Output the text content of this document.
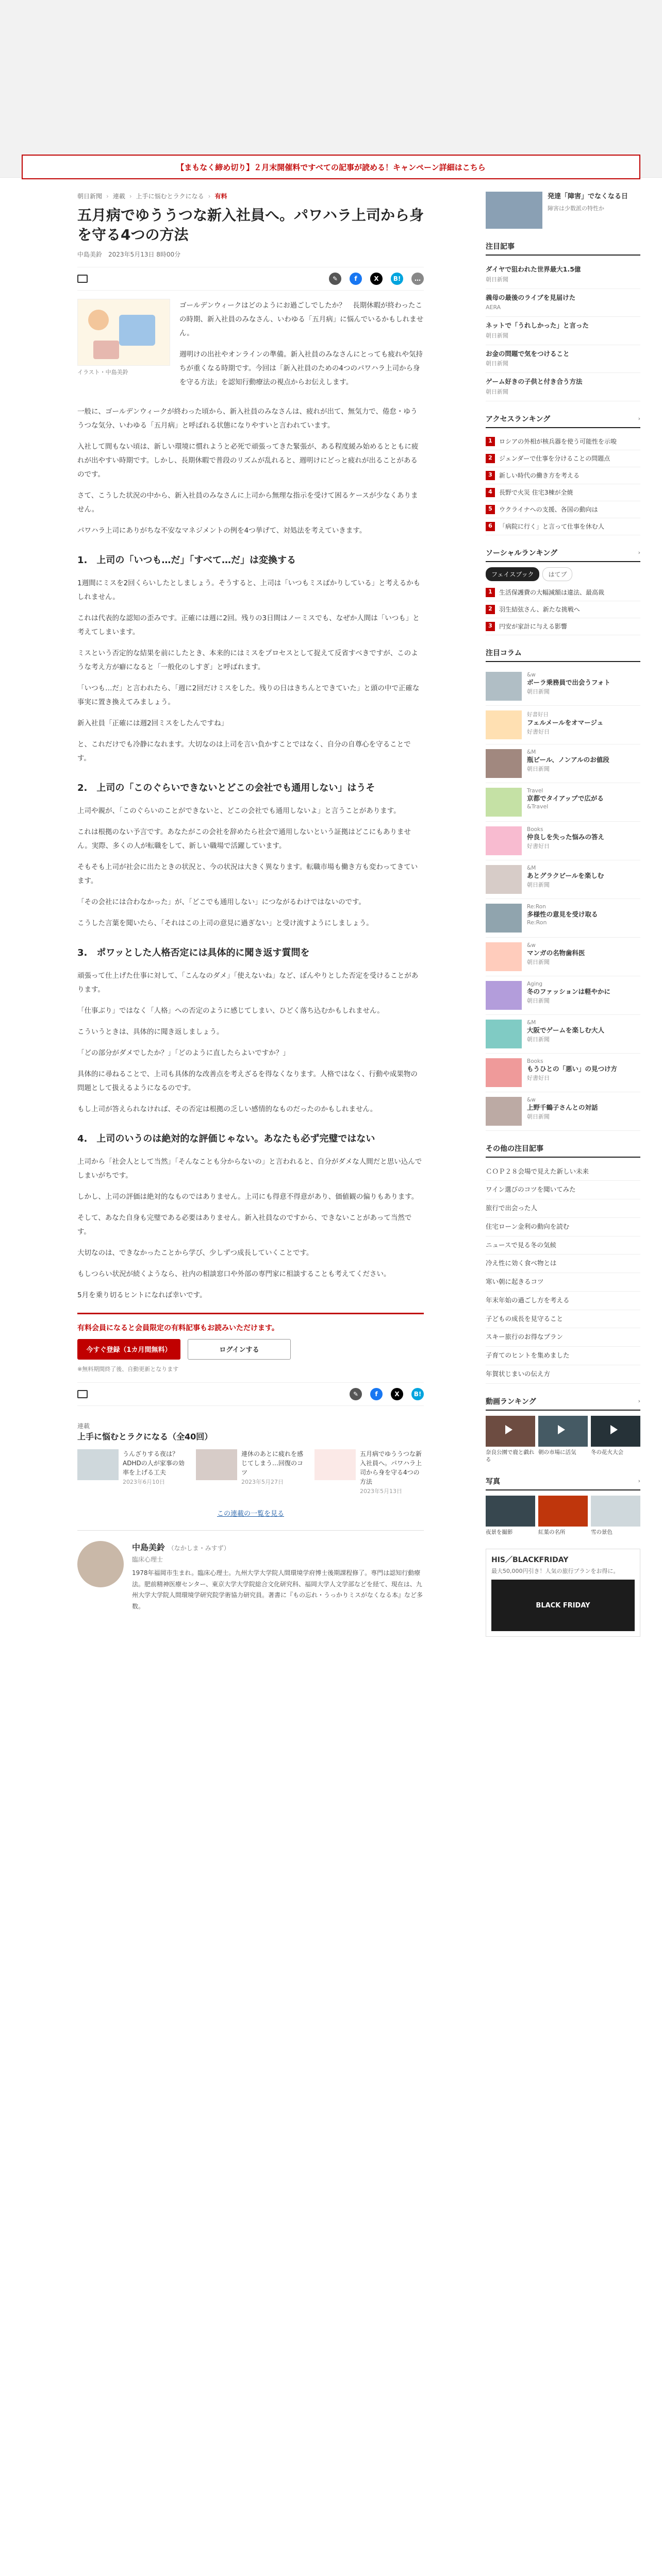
【まもなく締め切り】２月末開催料ですべての記事が読める！キャンペーン詳細はこちら
朝日新聞 › 連載 › 上手に悩むとラクになる › 有料
五月病でゆううつな新入社員へ。パワハラ上司から身を守る4つの方法
中島美鈴 2023年5月13日 8時00分
✎	f	X	B!	…
イラスト・中島美鈴

ゴールデンウィークはどのようにお過ごしでしたか？　長期休暇が終わったこの時期、新入社員のみなさん、いわゆる「五月病」に悩んでいるかもしれません。

週明けの出社やオンラインの準備。新入社員のみなさんにとっても疲れや気持ちが重くなる時期です。今回は「新入社員のための4つのパワハラ上司から身を守る方法」を認知行動療法の視点からお伝えします。

一般に、ゴールデンウィークが終わった頃から、新入社員のみなさんは、疲れが出て、無気力で、倦怠・ゆううつな気分、いわゆる「五月病」と呼ばれる状態になりやすいと言われています。

入社して間もない頃は、新しい環境に慣れようと必死で頑張ってきた緊張が、ある程度緩み始めるとともに疲れが出やすい時期です。しかし、長期休暇で普段のリズムが乱れると、週明けにどっと疲れが出ることがあるのです。

さて、こうした状況の中から、新入社員のみなさんに上司から無理な指示を受けて困るケースが少なくありません。

パワハラ上司にありがちな不安なマネジメントの例を4つ挙げて、対処法を考えていきます。

1.　上司の「いつも…だ」「すべて…だ」は変換する

1週間にミスを2回くらいしたとしましょう。そうすると、上司は「いつもミスばかりしている」と考えるかもしれません。

これは代表的な認知の歪みです。正確には週に2回。残りの3日間はノーミスでも、なぜか人間は「いつも」と考えてしまいます。

ミスという否定的な結果を前にしたとき、本来的にはミスをプロセスとして捉えて反省すべきですが、このような考え方が癖になると「一般化のしすぎ」と呼ばれます。

「いつも…だ」と言われたら、「週に2回だけミスをした。残りの日はきちんとできていた」と頭の中で正確な事実に置き換えてみましょう。

新入社員「正確には週2回ミスをしたんですね」

と、これだけでも冷静になれます。大切なのは上司を言い負かすことではなく、自分の自尊心を守ることです。

2.　上司の「このぐらいできないとどこの会社でも通用しない」はうそ

上司や親が、「このぐらいのことができないと、どこの会社でも通用しないよ」と言うことがあります。

これは根拠のない予言です。あなたがこの会社を辞めたら社会で通用しないという証拠はどこにもありません。実際、多くの人が転職をして、新しい職場で活躍しています。

そもそも上司が社会に出たときの状況と、今の状況は大きく異なります。転職市場も働き方も変わってきています。

「その会社には合わなかった」が、「どこでも通用しない」につながるわけではないのです。

こうした言葉を聞いたら、「それはこの上司の意見に過ぎない」と受け流すようにしましょう。

3.　ポワッとした人格否定には具体的に聞き返す質問を

頑張って仕上げた仕事に対して、「こんなのダメ」「使えないね」など、ぼんやりとした否定を受けることがあります。

「仕事ぶり」ではなく「人格」への否定のように感じてしまい、ひどく落ち込むかもしれません。

こういうときは、具体的に聞き返しましょう。

「どの部分がダメでしたか？」「どのように直したらよいですか？」

具体的に尋ねることで、上司も具体的な改善点を考えざるを得なくなります。人格ではなく、行動や成果物の問題として扱えるようになるのです。

もし上司が答えられなければ、その否定は根拠の乏しい感情的なものだったのかもしれません。

4.　上司のいうのは絶対的な評価じゃない。あなたも必ず完璧ではない

上司から「社会人として当然」「そんなことも分からないの」と言われると、自分がダメな人間だと思い込んでしまいがちです。

しかし、上司の評価は絶対的なものではありません。上司にも得意不得意があり、価値観の偏りもあります。

そして、あなた自身も完璧である必要はありません。新入社員なのですから、できないことがあって当然です。

大切なのは、できなかったことから学び、少しずつ成長していくことです。

もしつらい状況が続くようなら、社内の相談窓口や外部の専門家に相談することも考えてください。

5月を乗り切るヒントになれば幸いです。

有料会員になると会員限定の有料記事もお読みいただけます。
今すぐ登録（1カ月間無料）	ログインする
※無料期間終了後、自動更新となります
✎	f	X	B!
連載
上手に悩むとラクになる（全40回）
うんざりする夜は？　ADHDの人が家事の効率を上げる工夫
2023年6月10日
連休のあとに疲れを感じてしまう…回復のコツ
2023年5月27日
五月病でゆううつな新入社員へ。パワハラ上司から身を守る4つの方法
2023年5月13日
この連載の一覧を見る
中島美鈴 （なかしま・みすず）
臨床心理士
1978年福岡市生まれ。臨床心理士。九州大学大学院人間環境学府博士後期課程修了。専門は認知行動療法。肥前精神医療センター、東京大学大学院総合文化研究科、福岡大学人文学部などを経て、現在は、九州大学大学院人間環境学研究院学術協力研究員。著書に『もの忘れ・うっかりミスがなくなる本』など多数。
発達「障害」でなくなる日
障害は少数派の特性か
注目記事
ダイヤで狙われた世界最大1.5億
朝日新聞
義母の最後のライブを見届けた
AERA
ネットで「うれしかった」と言った
朝日新聞
お金の問題で気をつけること
朝日新聞
ゲーム好きの子供と付き合う方法
朝日新聞
アクセスランキング	›
1	ロシアの外相が核兵器を使う可能性を示唆
2	ジェンダーで仕事を分けることの問題点
3	新しい時代の働き方を考える
4	長野で火災 住宅3棟が全焼
5	ウクライナへの支援、各国の動向は
6	「病院に行く」と言って仕事を休む人
ソーシャルランキング	›
フェイスブック	はてブ
1	生活保護費の大幅減額は違法、最高裁
2	羽生結弦さん、新たな挑戦へ
3	円安が家計に与える影響
注目コラム
&w
ボーラ乗務員で出会うフォト
朝日新聞
好書好日
フェルメールをオマージュ
好書好日
&M
瓶ビール、ノンアルのお値段
朝日新聞
Travel
京都でタイアップで広がる
&Travel
Books
仲良しを失った悩みの答え
好書好日
&M
あとグラクビールを楽しむ
朝日新聞
Re:Ron
多様性の意見を受け取る
Re:Ron
&w
マンガの名物歯科医
朝日新聞
Aging
冬のファッションは軽やかに
朝日新聞
&M
大阪でゲームを楽しむ大人
朝日新聞
Books
もうひとの「悪い」の見つけ方
好書好日
&w
上野千鶴子さんとの対話
朝日新聞
その他の注目記事
ＣＯＰ２８会場で見えた新しい未来
ワイン選びのコツを聞いてみた
旅行で出会った人
住宅ローン金利の動向を読む
ニュースで見る冬の気候
冷え性に効く食べ物とは
寒い朝に起きるコツ
年末年始の過ごし方を考える
子どもの成長を見守ること
スキー旅行のお得なプラン
子育てのヒントを集めました
年賀状じまいの伝え方
動画ランキング	›
奈良公園で鹿と戯れる
朝の市場に活気	冬の花火大会
写真	›
夜景を撮影	紅葉の名所	雪の景色
HIS／BLACKFRIDAY
最大50,000円引き！人気の旅行プランをお得に。
BLACK FRIDAY
